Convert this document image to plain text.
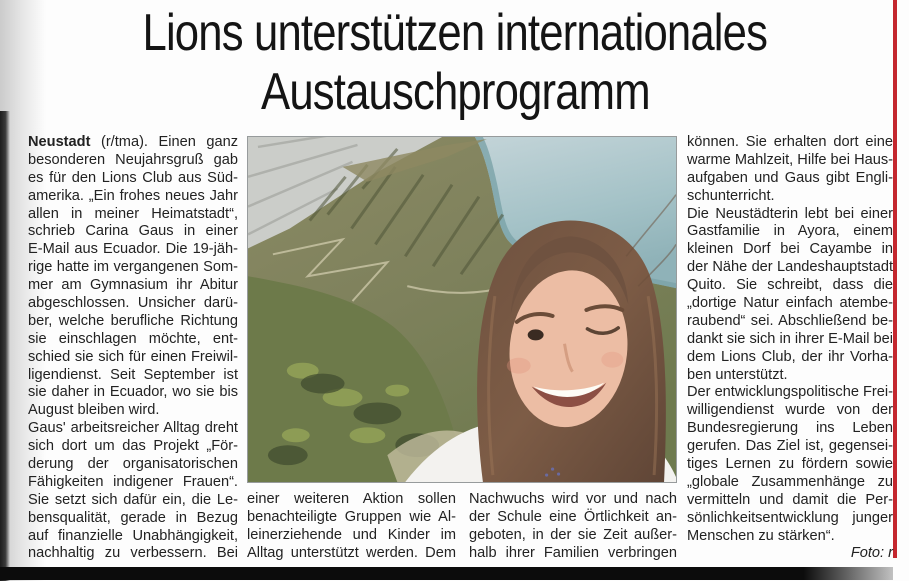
Lions unterstützen internationales
Austauschprogramm
Neustadt (r/tma). Einen ganz
besonderen Neujahrsgruß gab
es für den Lions Club aus Süd-
amerika. „Ein frohes neues Jahr
allen in meiner Heimatstadt“,
schrieb Carina Gaus in einer
E-Mail aus Ecuador. Die 19-jäh-
rige hatte im vergangenen Som-
mer am Gymnasium ihr Abitur
abgeschlossen. Unsicher darü-
ber, welche berufliche Richtung
sie einschlagen möchte, ent-
schied sie sich für einen Freiwil-
ligendienst. Seit September ist
sie daher in Ecuador, wo sie bis
August bleiben wird.
Gaus' arbeitsreicher Alltag dreht
sich dort um das Projekt „För-
derung der organisatorischen
Fähigkeiten indigener Frauen“.
Sie setzt sich dafür ein, die Le-
bensqualität, gerade in Bezug
auf finanzielle Unabhängigkeit,
nachhaltig zu verbessern. Bei
einer weiteren Aktion sollen
benachteiligte Gruppen wie Al-
leinerziehende und Kinder im
Alltag unterstützt werden. Dem
Nachwuchs wird vor und nach
der Schule eine Örtlichkeit an-
geboten, in der sie Zeit außer-
halb ihrer Familien verbringen
können. Sie erhalten dort eine
warme Mahlzeit, Hilfe bei Haus-
aufgaben und Gaus gibt Engli-
schunterricht.
Die Neustädterin lebt bei einer
Gastfamilie in Ayora, einem
kleinen Dorf bei Cayambe in
der Nähe der Landeshauptstadt
Quito. Sie schreibt, dass die
„dortige Natur einfach atembe-
raubend“ sei. Abschließend be-
dankt sie sich in ihrer E-Mail bei
dem Lions Club, der ihr Vorha-
ben unterstützt.
Der entwicklungspolitische Frei-
willigendienst wurde von der
Bundesregierung ins Leben
gerufen. Das Ziel ist, gegensei-
tiges Lernen zu fördern sowie
„globale Zusammenhänge zu
vermitteln und damit die Per-
sönlichkeitsentwicklung junger
Menschen zu stärken“.
Foto: r
